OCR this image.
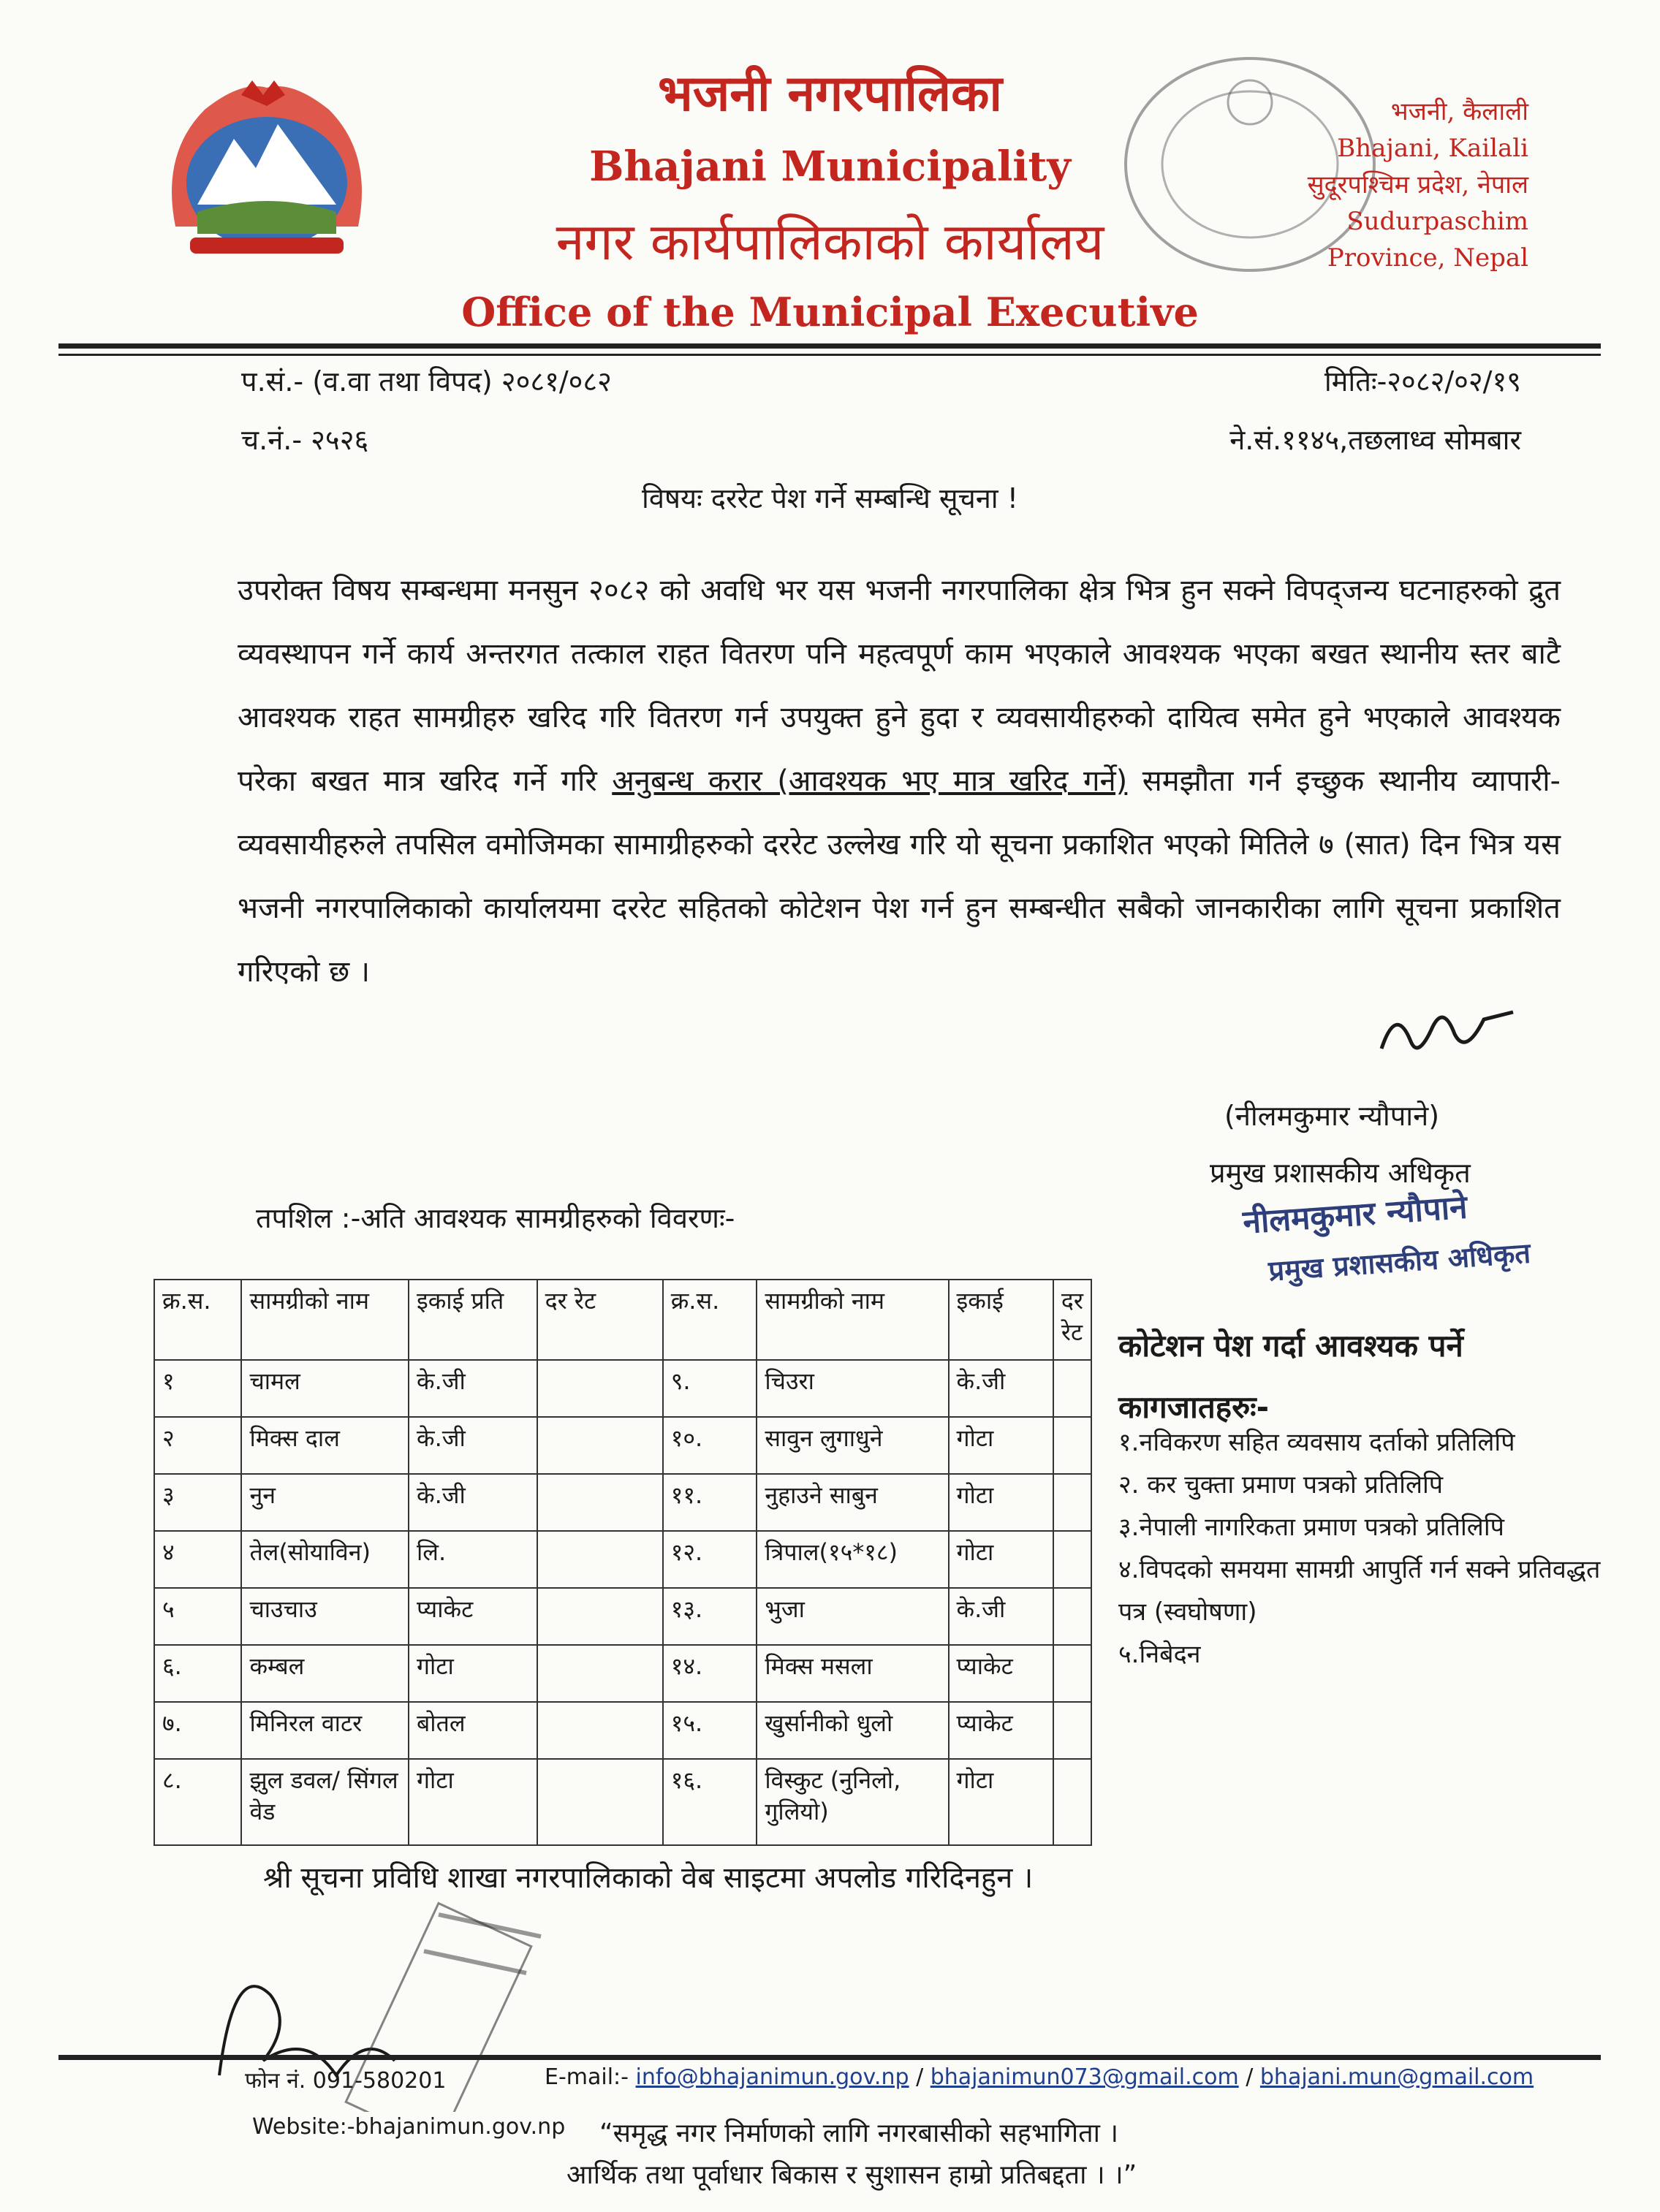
भजनी नगरपालिका
Bhajani Municipality
नगर कार्यपालिकाको कार्यालय
Office of the Municipal Executive
भजनी, कैलाली
Bhajani, Kailali
सुदूरपश्चिम प्रदेश, नेपाल
Sudurpaschim
Province, Nepal
प.सं.- (व.वा तथा विपद) २०८१/०८२	मितिः-२०८२/०२/१९
च.नं.- २५२६	ने.सं.११४५,तछलाध्व सोमबार
विषयः दररेट पेश गर्ने सम्बन्धि सूचना !
उपरोक्त विषय सम्बन्धमा मनसुन २०८२ को अवधि भर यस भजनी नगरपालिका क्षेत्र भित्र हुन सक्ने विपद्जन्य घटनाहरुको द्रुत व्यवस्थापन गर्ने कार्य अन्तरगत तत्काल राहत वितरण पनि महत्वपूर्ण काम भएकाले आवश्यक भएका बखत स्थानीय स्तर बाटै आवश्यक राहत सामग्रीहरु खरिद गरि वितरण गर्न उपयुक्त हुने हुदा र व्यवसायीहरुको दायित्व समेत हुने भएकाले आवश्यक परेका बखत मात्र खरिद गर्ने गरि अनुबन्ध करार (आवश्यक भए मात्र खरिद गर्ने) समझौता गर्न इच्छुक स्थानीय व्यापारी-व्यवसायीहरुले तपसिल वमोजिमका सामाग्रीहरुको दररेट उल्लेख गरि यो सूचना प्रकाशित भएको मितिले ७ (सात) दिन भित्र यस भजनी नगरपालिकाको कार्यालयमा दररेट सहितको कोटेशन पेश गर्न हुन सम्बन्धीत सबैको जानकारीका लागि सूचना प्रकाशित गरिएको छ ।
(नीलमकुमार न्यौपाने)
प्रमुख प्रशासकीय अधिकृत
नीलमकुमार न्यौपाने
प्रमुख प्रशासकीय अधिकृत
तपशिल :-अति आवश्यक सामग्रीहरुको विवरणः-
क्र.स.	सामग्रीको नाम	इकाई प्रति	दर रेट	क्र.स.	सामग्रीको नाम	इकाई	दर रेट
१	चामल	के.जी		९.	चिउरा	के.जी	
२	मिक्स दाल	के.जी		१०.	सावुन लुगाधुने	गोटा	
३	नुन	के.जी		११.	नुहाउने साबुन	गोटा	
४	तेल(सोयाविन)	लि.		१२.	त्रिपाल(१५*१८)	गोटा	
५	चाउचाउ	प्याकेट		१३.	भुजा	के.जी	
६.	कम्बल	गोटा		१४.	मिक्स मसला	प्याकेट	
७.	मिनिरल वाटर	बोतल		१५.	खुर्सानीको धुलो	प्याकेट	
८.	झुल डवल/ सिंगल वेड	गोटा		१६.	विस्कुट (नुनिलो, गुलियो)	गोटा	
कोटेशन पेश गर्दा आवश्यक पर्ने कागजातहरुः-
१.नविकरण सहित व्यवसाय दर्ताको प्रतिलिपि
२. कर चुक्ता प्रमाण पत्रको प्रतिलिपि
३.नेपाली नागरिकता प्रमाण पत्रको प्रतिलिपि
४.विपदको समयमा सामग्री आपुर्ति गर्न सक्ने प्रतिवद्धत पत्र (स्वघोषणा)
५.निबेदन
श्री सूचना प्रविधि शाखा नगरपालिकाको वेब साइटमा अपलोड गरिदिनहुन ।
फोन नं. 091-580201	E-mail:- info@bhajanimun.gov.np / bhajanimun073@gmail.com / bhajani.mun@gmail.com
Website:-bhajanimun.gov.np “समृद्ध नगर निर्माणको लागि नगरबासीको सहभागिता ।
आर्थिक तथा पूर्वाधार बिकास र सुशासन हाम्रो प्रतिबद्दता । ।”
